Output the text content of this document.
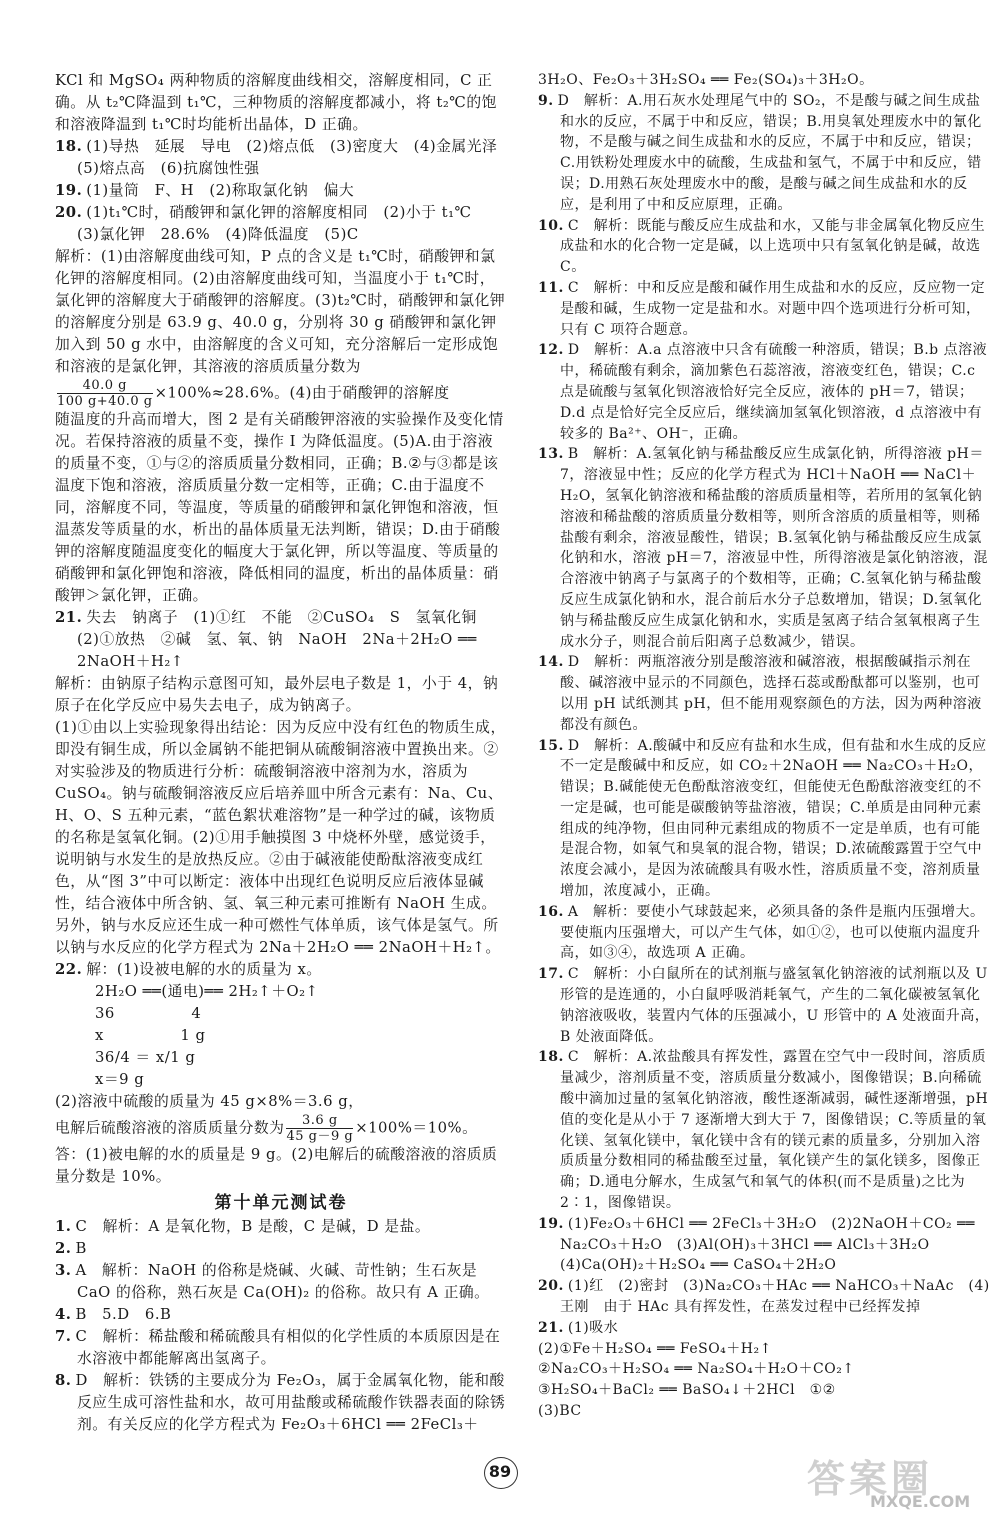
KCl 和 MgSO₄ 两种物质的溶解度曲线相交，溶解度相同，C 正确。从 t₂℃降温到 t₁℃，三种物质的溶解度都减小，将 t₂℃的饱和溶液降温到 t₁℃时均能析出晶体，D 正确。

18. (1)导热　延展　导电　(2)熔点低　(3)密度大　(4)金属光泽　(5)熔点高　(6)抗腐蚀性强

19. (1)量筒　F、H　(2)称取氯化钠　偏大

20. (1)t₁℃时，硝酸钾和氯化钾的溶解度相同　(2)小于 t₁℃　(3)氯化钾　28.6%　(4)降低温度　(5)C

解析：(1)由溶解度曲线可知，P 点的含义是 t₁℃时，硝酸钾和氯化钾的溶解度相同。(2)由溶解度曲线可知，当温度小于 t₁℃时，氯化钾的溶解度大于硝酸钾的溶解度。(3)t₂℃时，硝酸钾和氯化钾的溶解度分别是 63.9 g、40.0 g，分别将 30 g 硝酸钾和氯化钾加入到 50 g 水中，由溶解度的含义可知，充分溶解后一定形成饱和溶液的是氯化钾，其溶液的溶质质量分数为

$\frac{40.0 g}{100 g+40.0 g} \times 100\%\approx 28.6\%$。(4)由于硝酸钾的溶解度

随温度的升高而增大，图 2 是有关硝酸钾溶液的实验操作及变化情况。若保持溶液的质量不变，操作 Ⅰ 为降低温度。(5)A.由于溶液的质量不变，①与②的溶质质量分数相同，正确；B.②与③都是该温度下饱和溶液，溶质质量分数一定相等，正确；C.由于温度不同，溶解度不同，等温度，等质量的硝酸钾和氯化钾饱和溶液，恒温蒸发等质量的水，析出的晶体质量无法判断，错误；D.由于硝酸钾的溶解度随温度变化的幅度大于氯化钾，所以等温度、等质量的硝酸钾和氯化钾饱和溶液，降低相同的温度，析出的晶体质量：硝酸钾＞氯化钾，正确。

21. 失去　钠离子　(1)①红　不能　②CuSO₄　S　氢氧化铜　(2)①放热　②碱　氢、氧、钠　NaOH　2Na＋2H₂O ══ 2NaOH＋H₂↑

解析：由钠原子结构示意图可知，最外层电子数是 1，小于 4，钠原子在化学反应中易失去电子，成为钠离子。

(1)①由以上实验现象得出结论：因为反应中没有红色的物质生成，即没有铜生成，所以金属钠不能把铜从硫酸铜溶液中置换出来。②对实验涉及的物质进行分析：硫酸铜溶液中溶剂为水，溶质为 CuSO₄。钠与硫酸铜溶液反应后培养皿中所含元素有：Na、Cu、H、O、S 五种元素，“蓝色絮状难溶物”是一种学过的碱，该物质的名称是氢氧化铜。(2)①用手触摸图 3 中烧杯外壁，感觉烫手，说明钠与水发生的是放热反应。②由于碱液能使酚酞溶液变成红色，从“图 3”中可以断定：液体中出现红色说明反应后液体显碱性，结合液体中所含钠、氢、氧三种元素可推断有 NaOH 生成。另外，钠与水反应还生成一种可燃性气体单质，该气体是氢气。所以钠与水反应的化学方程式为 2Na＋2H₂O ══ 2NaOH＋H₂↑。

22. 解：(1)设被电解的水的质量为 x。

2H₂O ══(通电)══ 2H₂↑＋O₂↑

36　　　　　4

x　　　　　1 g

36/4 ＝ x/1 g

x＝9 g

(2)溶液中硫酸的质量为 45 g×8%＝3.6 g，

电解后硫酸溶液的溶质质量分数为 $\frac{3.6 g}{45 g-9 g} \times 100\%=10\%$。

答：(1)被电解的水的质量是 9 g。(2)电解后的硫酸溶液的溶质质量分数是 10%。

第十单元测试卷

1. C　解析：A 是氧化物，B 是酸，C 是碱，D 是盐。

2. B

3. A　解析：NaOH 的俗称是烧碱、火碱、苛性钠；生石灰是 CaO 的俗称，熟石灰是 Ca(OH)₂ 的俗称。故只有 A 正确。

4. B　5.D　6.B

7. C　解析：稀盐酸和稀硫酸具有相似的化学性质的本质原因是在水溶液中都能解离出氢离子。

8. D　解析：铁锈的主要成分为 Fe₂O₃，属于金属氧化物，能和酸反应生成可溶性盐和水，故可用盐酸或稀硫酸作铁器表面的除锈剂。有关反应的化学方程式为 Fe₂O₃＋6HCl ══ 2FeCl₃＋

3H₂O、Fe₂O₃＋3H₂SO₄ ══ Fe₂(SO₄)₃＋3H₂O。

9. D　解析：A.用石灰水处理尾气中的 SO₂，不是酸与碱之间生成盐和水的反应，不属于中和反应，错误；B.用臭氧处理废水中的氰化物，不是酸与碱之间生成盐和水的反应，不属于中和反应，错误；C.用铁粉处理废水中的硫酸，生成盐和氢气，不属于中和反应，错误；D.用熟石灰处理废水中的酸，是酸与碱之间生成盐和水的反应，是利用了中和反应原理，正确。

10. C　解析：既能与酸反应生成盐和水，又能与非金属氧化物反应生成盐和水的化合物一定是碱，以上选项中只有氢氧化钠是碱，故选 C。

11. C　解析：中和反应是酸和碱作用生成盐和水的反应，反应物一定是酸和碱，生成物一定是盐和水。对题中四个选项进行分析可知，只有 C 项符合题意。

12. D　解析：A.a 点溶液中只含有硫酸一种溶质，错误；B.b 点溶液中，稀硫酸有剩余，滴加紫色石蕊溶液，溶液变红色，错误；C.c 点是硫酸与氢氧化钡溶液恰好完全反应，液体的 pH＝7，错误；D.d 点是恰好完全反应后，继续滴加氢氧化钡溶液，d 点溶液中有较多的 Ba²⁺、OH⁻，正确。

13. B　解析：A.氢氧化钠与稀盐酸反应生成氯化钠，所得溶液 pH＝7，溶液显中性；反应的化学方程式为 HCl＋NaOH ══ NaCl＋H₂O，氢氧化钠溶液和稀盐酸的溶质质量相等，若所用的氢氧化钠溶液和稀盐酸的溶质质量分数相等，则所含溶质的质量相等，则稀盐酸有剩余，溶液显酸性，错误；B.氢氧化钠与稀盐酸反应生成氯化钠和水，溶液 pH＝7，溶液显中性，所得溶液是氯化钠溶液，混合溶液中钠离子与氯离子的个数相等，正确；C.氢氧化钠与稀盐酸反应生成氯化钠和水，混合前后水分子总数增加，错误；D.氢氧化钠与稀盐酸反应生成氯化钠和水，实质是氢离子结合氢氧根离子生成水分子，则混合前后阳离子总数减少，错误。

14. D　解析：两瓶溶液分别是酸溶液和碱溶液，根据酸碱指示剂在酸、碱溶液中显示的不同颜色，选择石蕊或酚酞都可以鉴别，也可以用 pH 试纸测其 pH，但不能用观察颜色的方法，因为两种溶液都没有颜色。

15. D　解析：A.酸碱中和反应有盐和水生成，但有盐和水生成的反应不一定是酸碱中和反应，如 CO₂＋2NaOH ══ Na₂CO₃＋H₂O，错误；B.碱能使无色酚酞溶液变红，但能使无色酚酞溶液变红的不一定是碱，也可能是碳酸钠等盐溶液，错误；C.单质是由同种元素组成的纯净物，但由同种元素组成的物质不一定是单质，也有可能是混合物，如氧气和臭氧的混合物，错误；D.浓硫酸露置于空气中浓度会减小，是因为浓硫酸具有吸水性，溶质质量不变，溶剂质量增加，浓度减小，正确。

16. A　解析：要使小气球鼓起来，必须具备的条件是瓶内压强增大。要使瓶内压强增大，可以产生气体，如①②，也可以使瓶内温度升高，如③④，故选项 A 正确。

17. C　解析：小白鼠所在的试剂瓶与盛氢氧化钠溶液的试剂瓶以及 U 形管的是连通的，小白鼠呼吸消耗氧气，产生的二氧化碳被氢氧化钠溶液吸收，装置内气体的压强减小，U 形管中的 A 处液面升高，B 处液面降低。

18. C　解析：A.浓盐酸具有挥发性，露置在空气中一段时间，溶质质量减少，溶剂质量不变，溶质质量分数减小，图像错误；B.向稀硫酸中滴加过量的氢氧化钠溶液，酸性逐渐减弱，碱性逐渐增强，pH 值的变化是从小于 7 逐渐增大到大于 7，图像错误；C.等质量的氧化镁、氢氧化镁中，氧化镁中含有的镁元素的质量多，分别加入溶质质量分数相同的稀盐酸至过量，氧化镁产生的氯化镁多，图像正确；D.通电分解水，生成氢气和氧气的体积(而不是质量)之比为 2∶1，图像错误。

19. (1)Fe₂O₃＋6HCl ══ 2FeCl₃＋3H₂O　(2)2NaOH＋CO₂ ══ Na₂CO₃＋H₂O　(3)Al(OH)₃＋3HCl ══ AlCl₃＋3H₂O　(4)Ca(OH)₂＋H₂SO₄ ══ CaSO₄＋2H₂O

20. (1)红　(2)密封　(3)Na₂CO₃＋HAc ══ NaHCO₃＋NaAc　(4)王刚　由于 HAc 具有挥发性，在蒸发过程中已经挥发掉

21. (1)吸水

(2)①Fe＋H₂SO₄ ══ FeSO₄＋H₂↑

②Na₂CO₃＋H₂SO₄ ══ Na₂SO₄＋H₂O＋CO₂↑

③H₂SO₄＋BaCl₂ ══ BaSO₄↓＋2HCl　①②

(3)BC

89	答案圈
MXQE.COM
